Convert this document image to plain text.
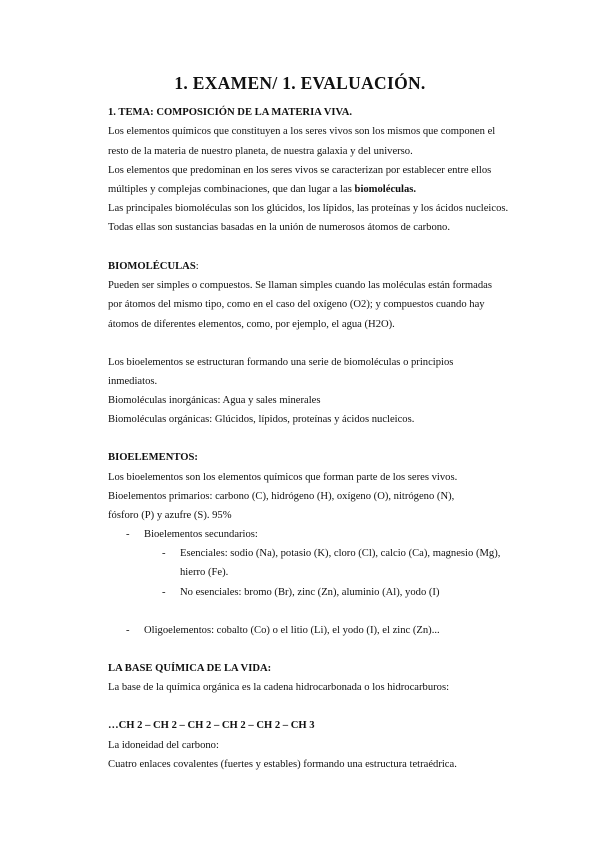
1. EXAMEN/ 1. EVALUACIÓN.
1. TEMA: COMPOSICIÓN DE LA MATERIA VIVA.
Los elementos químicos que constituyen a los seres vivos son los mismos que componen el
resto de la materia de nuestro planeta, de nuestra galaxia y del universo.
Los elementos que predominan en los seres vivos se caracterizan por establecer entre ellos
múltiples y complejas combinaciones, que dan lugar a las biomoléculas.
Las principales biomoléculas son los glúcidos, los lípidos, las proteínas y los ácidos nucleicos.
Todas ellas son sustancias basadas en la unión de numerosos átomos de carbono.
BIOMOLÉCULAS:
Pueden ser simples o compuestos. Se llaman simples cuando las moléculas están formadas
por átomos del mismo tipo, como en el caso del oxígeno (O2); y compuestos cuando hay
átomos de diferentes elementos, como, por ejemplo, el agua (H2O).
Los bioelementos se estructuran formando una serie de biomoléculas o principios
inmediatos.
Biomoléculas inorgánicas: Agua y sales minerales
Biomoléculas orgánicas: Glúcidos, lípidos, proteínas y ácidos nucleicos.
BIOELEMENTOS:
Los bioelementos son los elementos químicos que forman parte de los seres vivos.
Bioelementos primarios: carbono (C), hidrógeno (H), oxígeno (O), nitrógeno (N),
fósforo (P) y azufre (S). 95%
- Bioelementos secundarios:
- Esenciales: sodio (Na), potasio (K), cloro (Cl), calcio (Ca), magnesio (Mg),
hierro (Fe).
- No esenciales: bromo (Br), zinc (Zn), aluminio (Al), yodo (I)
- Oligoelementos: cobalto (Co) o el litio (Li), el yodo (I), el zinc (Zn)...
LA BASE QUÍMICA DE LA VIDA:
La base de la química orgánica es la cadena hidrocarbonada o los hidrocarburos:
…CH 2 – CH 2 – CH 2 – CH 2 – CH 2 – CH 3
La idoneidad del carbono:
Cuatro enlaces covalentes (fuertes y estables) formando una estructura tetraédrica.
